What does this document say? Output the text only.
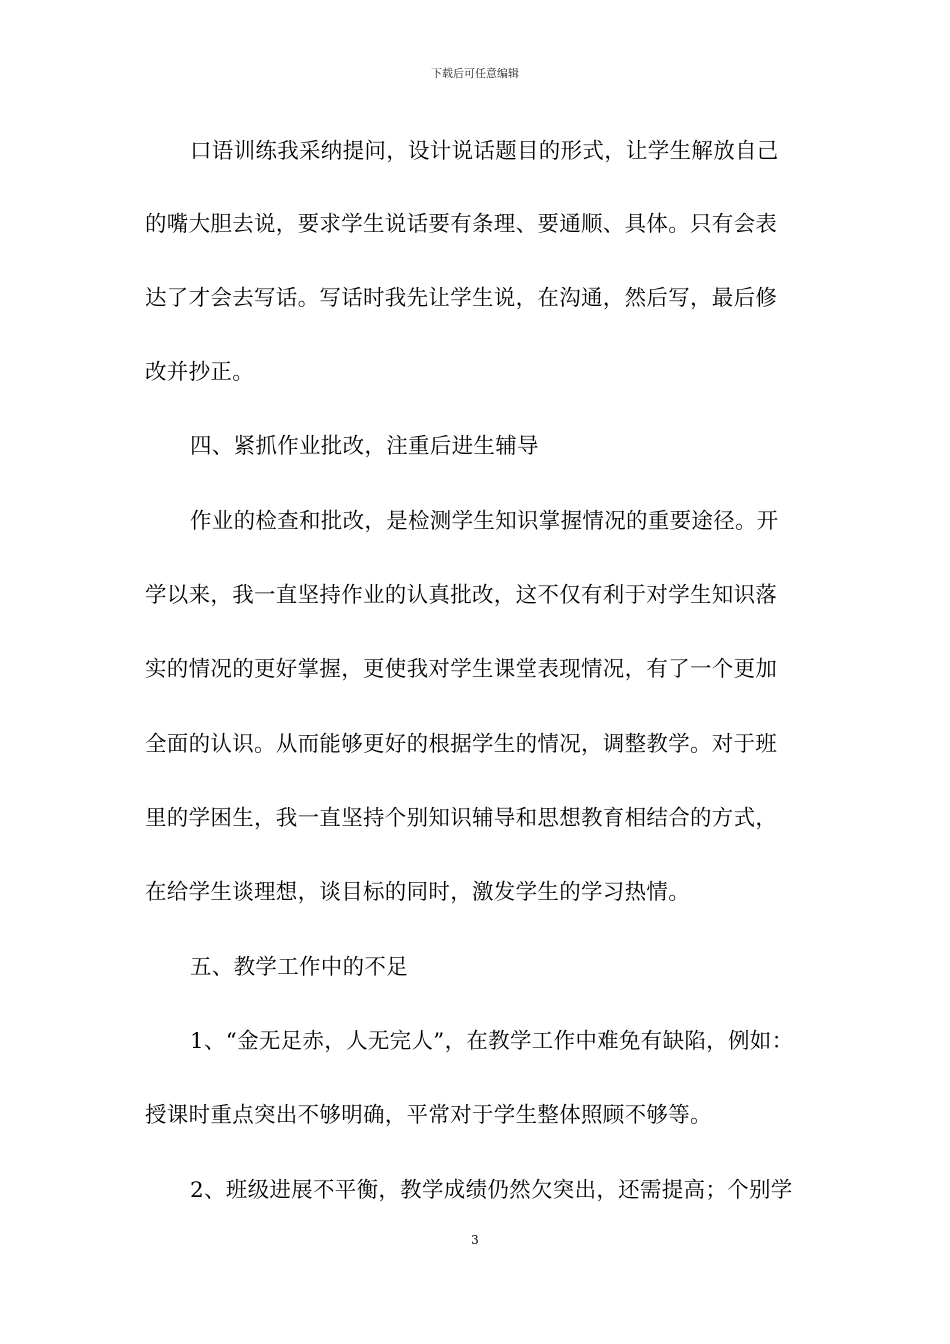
下载后可任意编辑
口语训练我采纳提问，设计说话题目的形式，让学生解放自己
的嘴大胆去说，要求学生说话要有条理、要通顺、具体。只有会表
达了才会去写话。写话时我先让学生说，在沟通，然后写，最后修
改并抄正。
四、紧抓作业批改，注重后进生辅导
作业的检查和批改，是检测学生知识掌握情况的重要途径。开
学以来，我一直坚持作业的认真批改，这不仅有利于对学生知识落
实的情况的更好掌握，更使我对学生课堂表现情况，有了一个更加
全面的认识。从而能够更好的根据学生的情况，调整教学。对于班
里的学困生，我一直坚持个别知识辅导和思想教育相结合的方式，
在给学生谈理想，谈目标的同时，激发学生的学习热情。
五、教学工作中的不足
1、“金无足赤，人无完人”，在教学工作中难免有缺陷，例如：
授课时重点突出不够明确，平常对于学生整体照顾不够等。
2、班级进展不平衡，教学成绩仍然欠突出，还需提高；个别学
3
